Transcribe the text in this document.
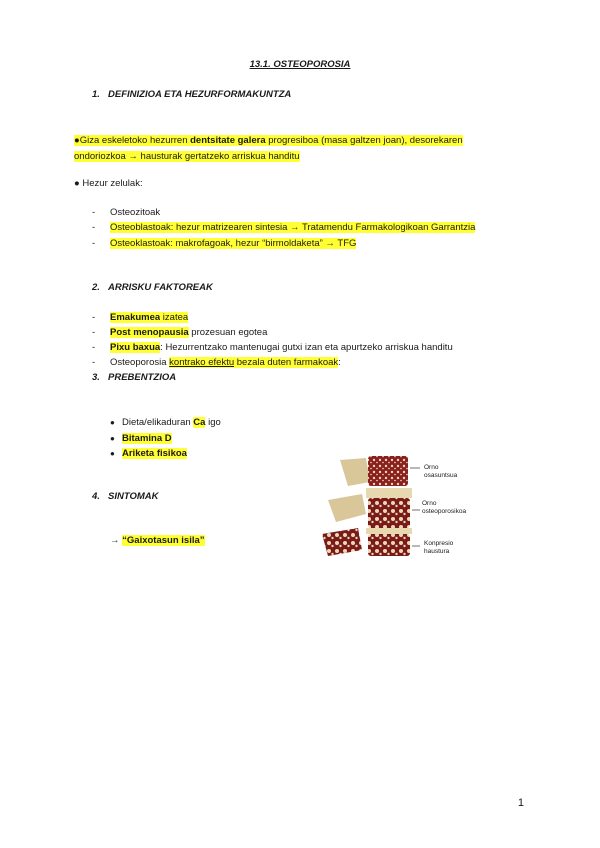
13.1. OSTEOPOROSIA
1. DEFINIZIOA ETA HEZURFORMAKUNTZA
●Giza eskeletoko hezurren dentsitate galera progresiboa (masa galtzen joan), desorekaren
ondoriozkoa → hausturak gertatzeko arriskua handitu
● Hezur zelulak:
- Osteozitoak
- Osteoblastoak: hezur matrizearen sintesia → Tratamendu Farmakologikoan Garrantzia
- Osteoklastoak: makrofagoak, hezur “birmoldaketa” → TFG
2. ARRISKU FAKTOREAK
- Emakumea izatea
- Post menopausia prozesuan egotea
- Pixu baxua: Hezurrentzako mantenugai gutxi izan eta apurtzeko arriskua handitu
- Osteoporosia kontrako efektu bezala duten farmakoak:
3. PREBENTZIOA
● Dieta/elikaduran Ca igo
● Bitamina D
● Ariketa fisikoa
4. SINTOMAK
→ “Gaixotasun isila”
Orno
osasuntsua
Orno
osteoporosikoa
Konpresio
haustura
1
